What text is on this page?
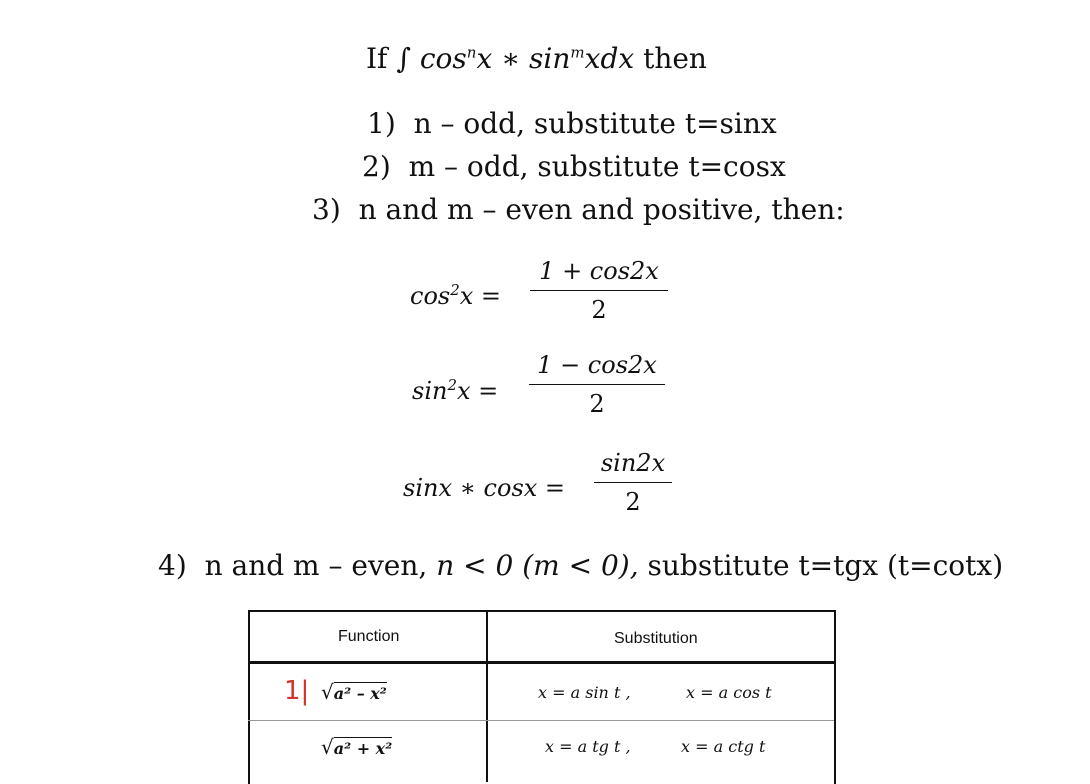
If ∫ $\cos^nx$ ∗ $\sin^mxdx$ then
1) n – odd, substitute t=sinx
2) m – odd, substitute t=cosx
3) n and m – even and positive, then:
$\cos^2x$ =
1 + cos2x
2
$\sin^2x$ =
1 − cos2x
2
sinx ∗ cosx =
sin2x
2
4) n and m – even, n < 0 (m < 0), substitute t=tgx (t=cotx)
Function	Substitution
1| √a² – x²	x = a sin t ,	x = a cos t
√a² + x²	x = a tg t ,	x = a ctg t
